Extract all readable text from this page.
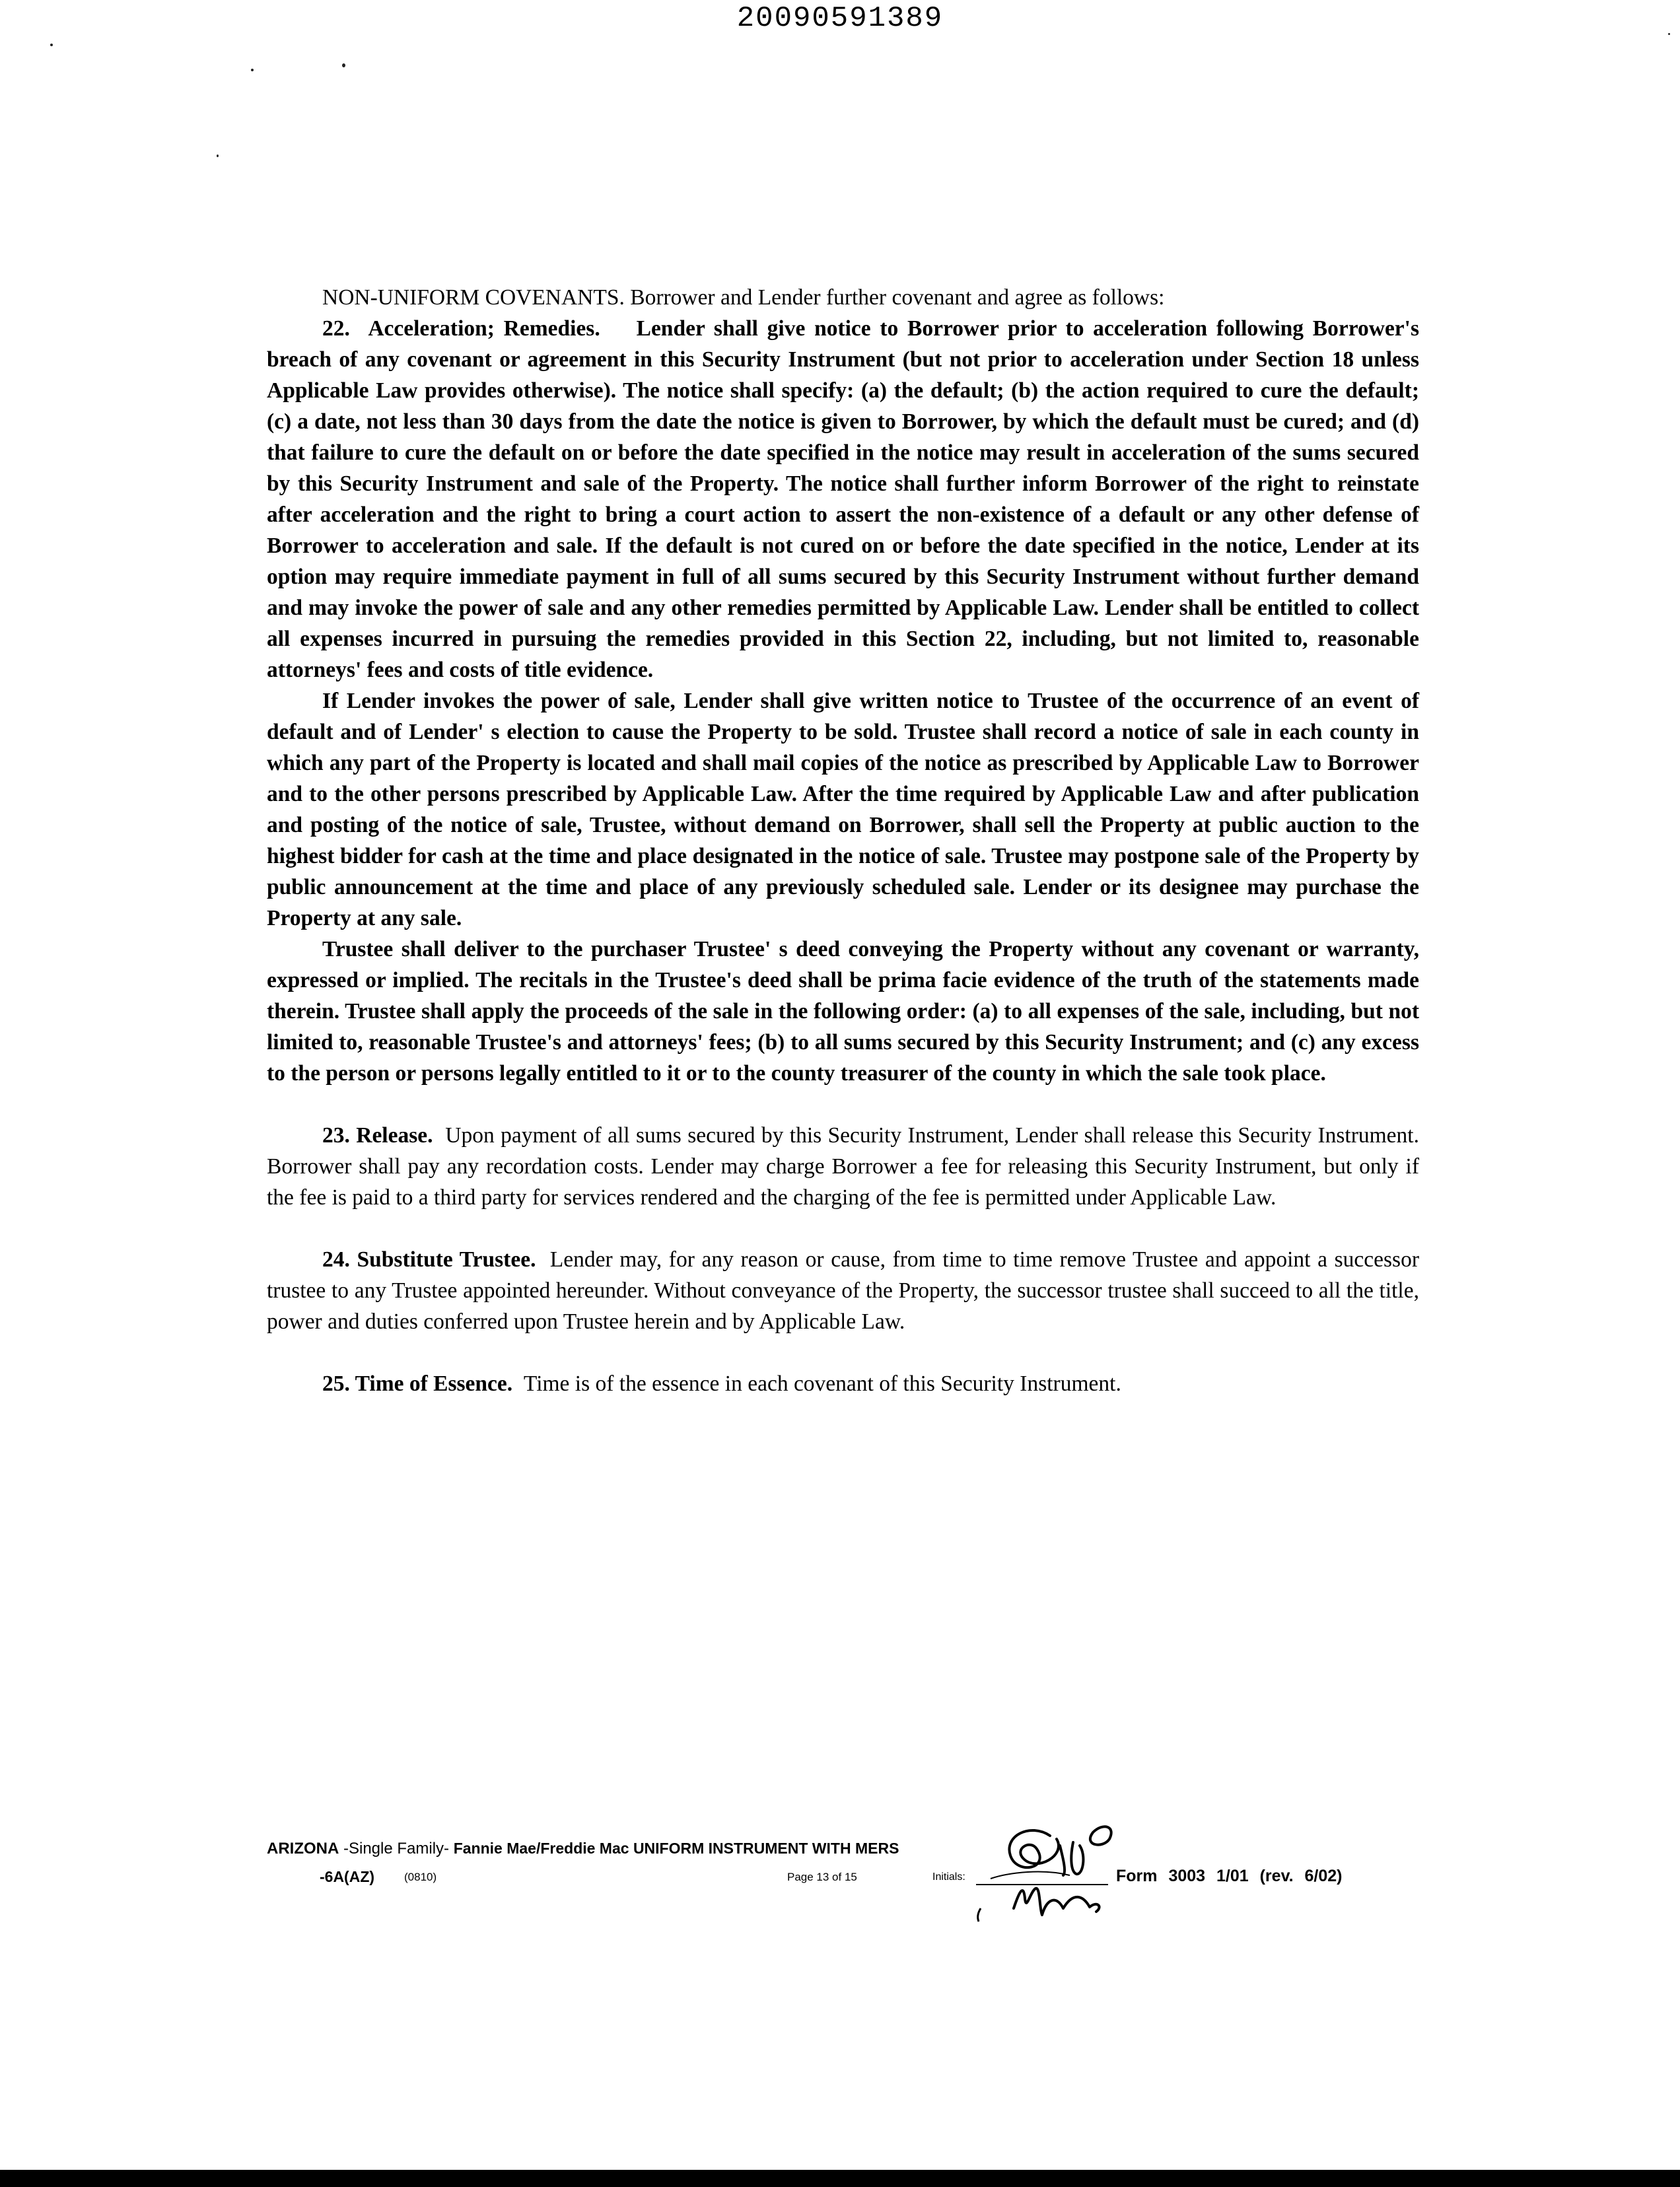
20090591389

NON-UNIFORM COVENANTS. Borrower and Lender further covenant and agree as follows:

22. Acceleration; Remedies. Lender shall give notice to Borrower prior to acceleration following Borrower's breach of any covenant or agreement in this Security Instrument (but not prior to acceleration under Section 18 unless Applicable Law provides otherwise). The notice shall specify: (a) the default; (b) the action required to cure the default; (c) a date, not less than 30 days from the date the notice is given to Borrower, by which the default must be cured; and (d) that failure to cure the default on or before the date specified in the notice may result in acceleration of the sums secured by this Security Instrument and sale of the Property. The notice shall further inform Borrower of the right to reinstate after acceleration and the right to bring a court action to assert the non-existence of a default or any other defense of Borrower to acceleration and sale. If the default is not cured on or before the date specified in the notice, Lender at its option may require immediate payment in full of all sums secured by this Security Instrument without further demand and may invoke the power of sale and any other remedies permitted by Applicable Law. Lender shall be entitled to collect all expenses incurred in pursuing the remedies provided in this Section 22, including, but not limited to, reasonable attorneys' fees and costs of title evidence.

If Lender invokes the power of sale, Lender shall give written notice to Trustee of the occurrence of an event of default and of Lender' s election to cause the Property to be sold. Trustee shall record a notice of sale in each county in which any part of the Property is located and shall mail copies of the notice as prescribed by Applicable Law to Borrower and to the other persons prescribed by Applicable Law. After the time required by Applicable Law and after publication and posting of the notice of sale, Trustee, without demand on Borrower, shall sell the Property at public auction to the highest bidder for cash at the time and place designated in the notice of sale. Trustee may postpone sale of the Property by public announcement at the time and place of any previously scheduled sale. Lender or its designee may purchase the Property at any sale.

Trustee shall deliver to the purchaser Trustee' s deed conveying the Property without any covenant or warranty, expressed or implied. The recitals in the Trustee's deed shall be prima facie evidence of the truth of the statements made therein. Trustee shall apply the proceeds of the sale in the following order: (a) to all expenses of the sale, including, but not limited to, reasonable Trustee's and attorneys' fees; (b) to all sums secured by this Security Instrument; and (c) any excess to the person or persons legally entitled to it or to the county treasurer of the county in which the sale took place.

23. Release. Upon payment of all sums secured by this Security Instrument, Lender shall release this Security Instrument. Borrower shall pay any recordation costs. Lender may charge Borrower a fee for releasing this Security Instrument, but only if the fee is paid to a third party for services rendered and the charging of the fee is permitted under Applicable Law.

24. Substitute Trustee. Lender may, for any reason or cause, from time to time remove Trustee and appoint a successor trustee to any Trustee appointed hereunder. Without conveyance of the Property, the successor trustee shall succeed to all the title, power and duties conferred upon Trustee herein and by Applicable Law.

25. Time of Essence. Time is of the essence in each covenant of this Security Instrument.

ARIZONA -Single Family- Fannie Mae/Freddie Mac UNIFORM INSTRUMENT WITH MERS
-6A(AZ)	(0810)	Page 13 of 15	Initials:	Form 3003 1/01 (rev. 6/02)
